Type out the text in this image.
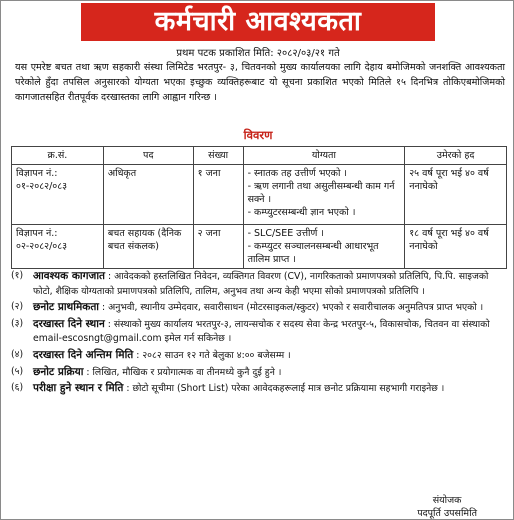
कर्मचारी आवश्यकता
प्रथम पटक प्रकाशित मिति: २०८२/०३/२१ गते
यस एमरेष्ट बचत तथा ऋण सहकारी संस्था लिमिटेड भरतपुर- ३, चितवनको मुख्य कार्यालयका लागि देहाय बमोजिमको जनशक्ति आवश्यकता परेकोले हुँदा तपसिल अनुसारको योग्यता भएका इच्छुक व्यक्तिहरूबाट यो सूचना प्रकाशित भएको मितिले १५ दिनभित्र तोकिएबमोजिमको कागजातसहित रीतपूर्वक दरखास्तका लागि आह्वान गरिन्छ ।
विवरण
क्र.सं.	पद	संख्या	योग्यता	उमेरको हद
विज्ञापन नं.: ०१-२०८२/०८३	अधिकृत	१ जना	- स्नातक तह उत्तीर्ण भएको ।
- ऋण लगानी तथा असुलीसम्बन्धी काम गर्न सक्ने ।
- कम्प्युटरसम्बन्धी ज्ञान भएको ।	२५ वर्ष पूरा भई ४० वर्ष ननाघेको
विज्ञापन नं.: ०२-२०८२/०८३	बचत सहायक (दैनिक बचत संकलक)	२ जना	- SLC/SEE उत्तीर्ण ।
- कम्प्युटर सञ्चालनसम्बन्धी आधारभूत तालिम प्राप्त ।	१८ वर्ष पूरा भई ४० वर्ष ननाघेको
(१) आवश्यक कागजात : आवेदकको हस्तलिखित निवेदन, व्यक्तिगत विवरण (CV), नागरिकताको प्रमाणपत्रको प्रतिलिपि, पि.पि. साइजको फोटो, शैक्षिक योग्यताको प्रमाणपत्रको प्रतिलिपि, तालिम, अनुभव तथा अन्य केही भएमा सोको प्रमाणपत्रको प्रतिलिपि ।
(२) छनोट प्राथमिकता : अनुभवी, स्थानीय उम्मेदवार, सवारीसाधन (मोटरसाइकल/स्कुटर) भएको र सवारीचालक अनुमतिपत्र प्राप्त भएको ।
(३) दरखास्त दिने स्थान : संस्थाको मुख्य कार्यालय भरतपुर-३, लायन्सचोक र सदस्य सेवा केन्द्र भरतपुर-५, विकासचोक, चितवन वा संस्थाको email-escosngt@gmail.com इमेल गर्न सकिनेछ ।
(४) दरखास्त दिने अन्तिम मिति : २०८२ साउन १२ गते बेलुका ४:०० बजेसम्म ।
(५) छनोट प्रक्रिया : लिखित, मौखिक र प्रयोगात्मक वा तीनमध्ये कुनै दुई हुने ।
(६) परीक्षा हुने स्थान र मिति : छोटो सूचीमा (Short List) परेका आवेदकहरूलाई मात्र छनोट प्रक्रियामा सहभागी गराइनेछ ।
संयोजक
पदपूर्ति उपसमिति
